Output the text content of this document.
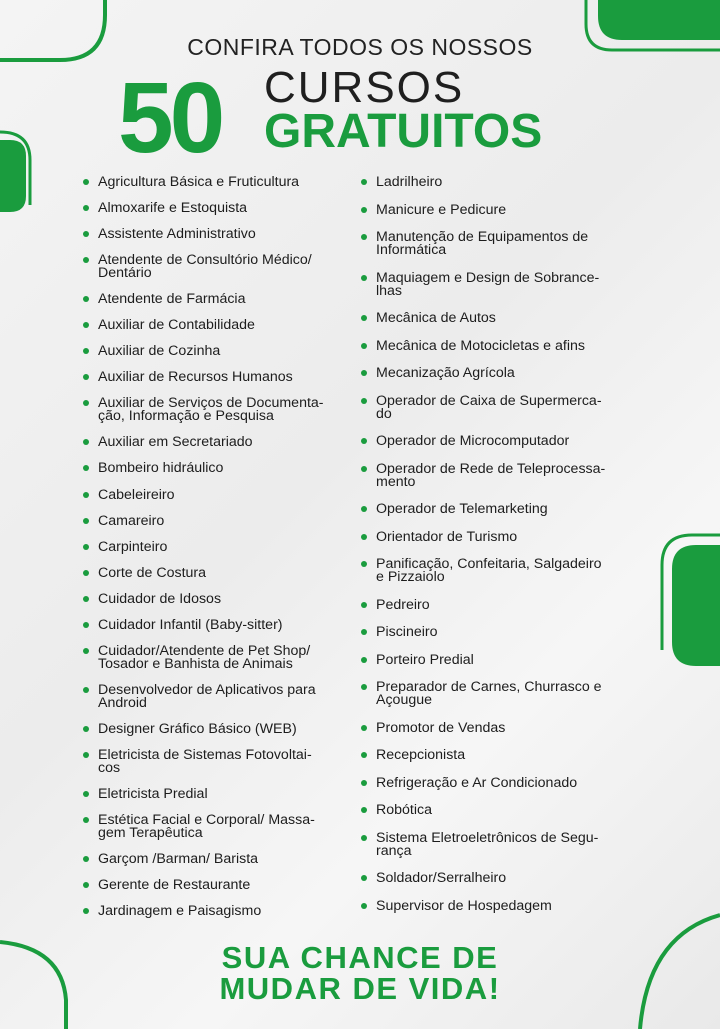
CONFIRA TODOS OS NOSSOS
50 CURSOS
GRATUITOS
Agricultura Básica e Fruticultura
Almoxarife e Estoquista
Assistente Administrativo
Atendente de Consultório Médico/
Dentário
Atendente de Farmácia
Auxiliar de Contabilidade
Auxiliar de Cozinha
Auxiliar de Recursos Humanos
Auxiliar de Serviços de Documenta-
ção, Informação e Pesquisa
Auxiliar em Secretariado
Bombeiro hidráulico
Cabeleireiro
Camareiro
Carpinteiro
Corte de Costura
Cuidador de Idosos
Cuidador Infantil (Baby-sitter)
Cuidador/Atendente de Pet Shop/
Tosador e Banhista de Animais
Desenvolvedor de Aplicativos para
Android
Designer Gráfico Básico (WEB)
Eletricista de Sistemas Fotovoltai-
cos
Eletricista Predial
Estética Facial e Corporal/ Massa-
gem Terapêutica
Garçom /Barman/ Barista
Gerente de Restaurante
Jardinagem e Paisagismo
Ladrilheiro
Manicure e Pedicure
Manutenção de Equipamentos de
Informática
Maquiagem e Design de Sobrance-
lhas
Mecânica de Autos
Mecânica de Motocicletas e afins
Mecanização Agrícola
Operador de Caixa de Supermerca-
do
Operador de Microcomputador
Operador de Rede de Teleprocessa-
mento
Operador de Telemarketing
Orientador de Turismo
Panificação, Confeitaria, Salgadeiro
e Pizzaiolo
Pedreiro
Piscineiro
Porteiro Predial
Preparador de Carnes, Churrasco e
Açougue
Promotor de Vendas
Recepcionista
Refrigeração e Ar Condicionado
Robótica
Sistema Eletroeletrônicos de Segu-
rança
Soldador/Serralheiro
Supervisor de Hospedagem
SUA CHANCE DE
MUDAR DE VIDA!
